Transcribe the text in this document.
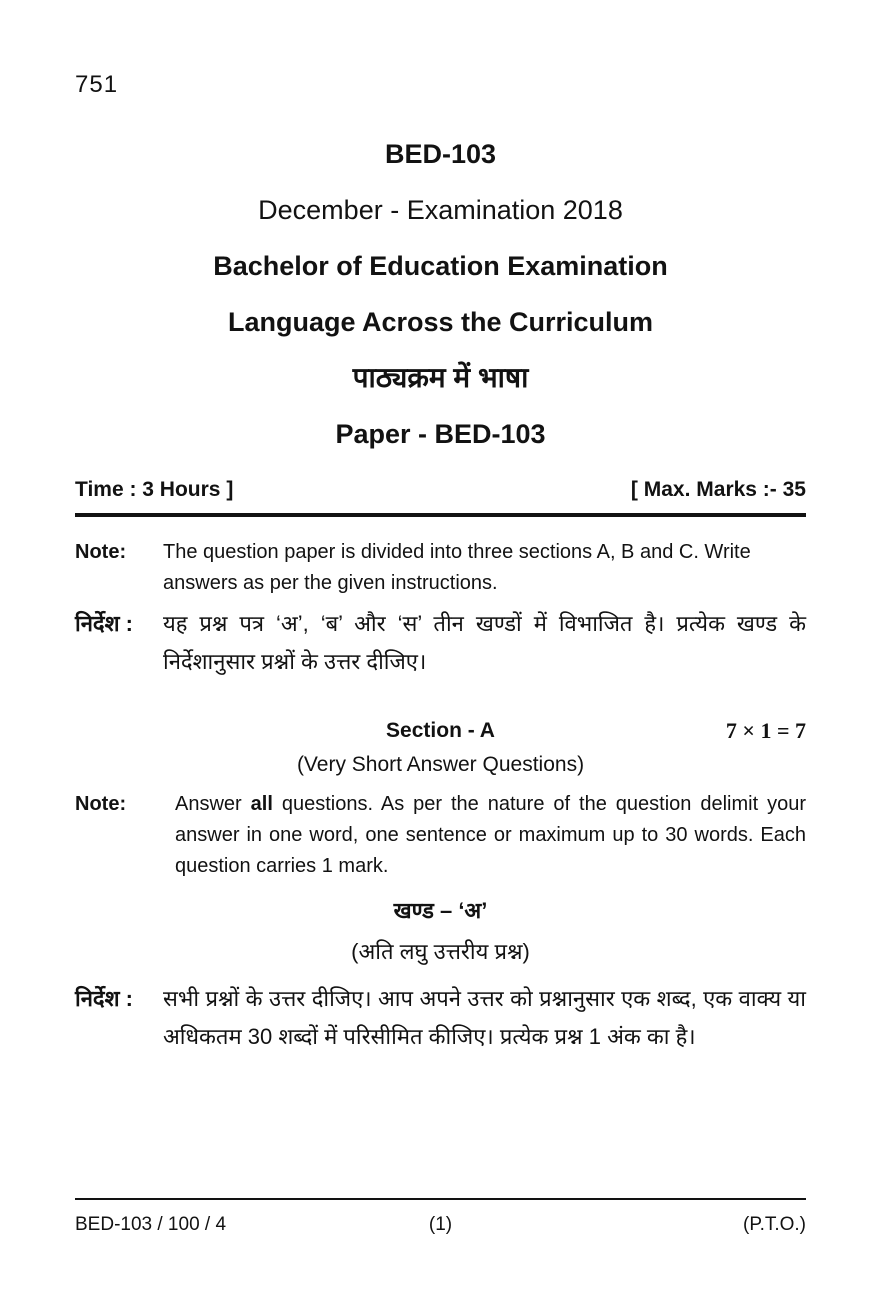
751
BED-103
December - Examination 2018
Bachelor of Education Examination
Language Across the Curriculum
पाठ्यक्रम में भाषा
Paper - BED-103
Time : 3 Hours ]	[ Max. Marks :- 35
Note:	The question paper is divided into three sections A, B and C. Write answers as per the given instructions.
निर्देश :	यह प्रश्न पत्र ‘अ’, ‘ब’ और ‘स’ तीन खण्डों में विभाजित है। प्रत्येक खण्ड के निर्देशानुसार प्रश्नों के उत्तर दीजिए।
Section - A	7 × 1 = 7
(Very Short Answer Questions)
Note:	Answer all questions. As per the nature of the question delimit your answer in one word, one sentence or maximum up to 30 words. Each question carries 1 mark.
खण्ड – ‘अ’
(अति लघु उत्तरीय प्रश्न)
निर्देश :	सभी प्रश्नों के उत्तर दीजिए। आप अपने उत्तर को प्रश्नानुसार एक शब्द, एक वाक्य या अधिकतम 30 शब्दों में परिसीमित कीजिए। प्रत्येक प्रश्न 1 अंक का है।
BED-103 / 100 / 4	(1)	(P.T.O.)
